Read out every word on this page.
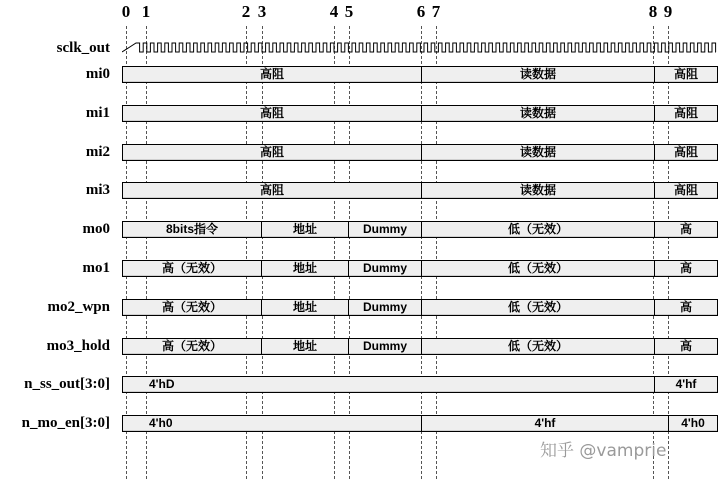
0 1	2 3	4 5	6 7	8 9
sclk_out
mi0	高阻	读数据	高阻
mi1	高阻	读数据	高阻
mi2	高阻	读数据	高阻
mi3	高阻	读数据	高阻
mo0	8bits指令	地址	Dummy	低（无效）	高
mo1	高（无效）	地址	Dummy	低（无效）	高
mo2_wpn	高（无效）	地址	Dummy	低（无效）	高
mo3_hold	高（无效）	地址	Dummy	低（无效）	高
n_ss_out[3:0]	4'hD	4'hf
n_mo_en[3:0]	4'h0	4'hf	4'h0
知乎 @vamprie
